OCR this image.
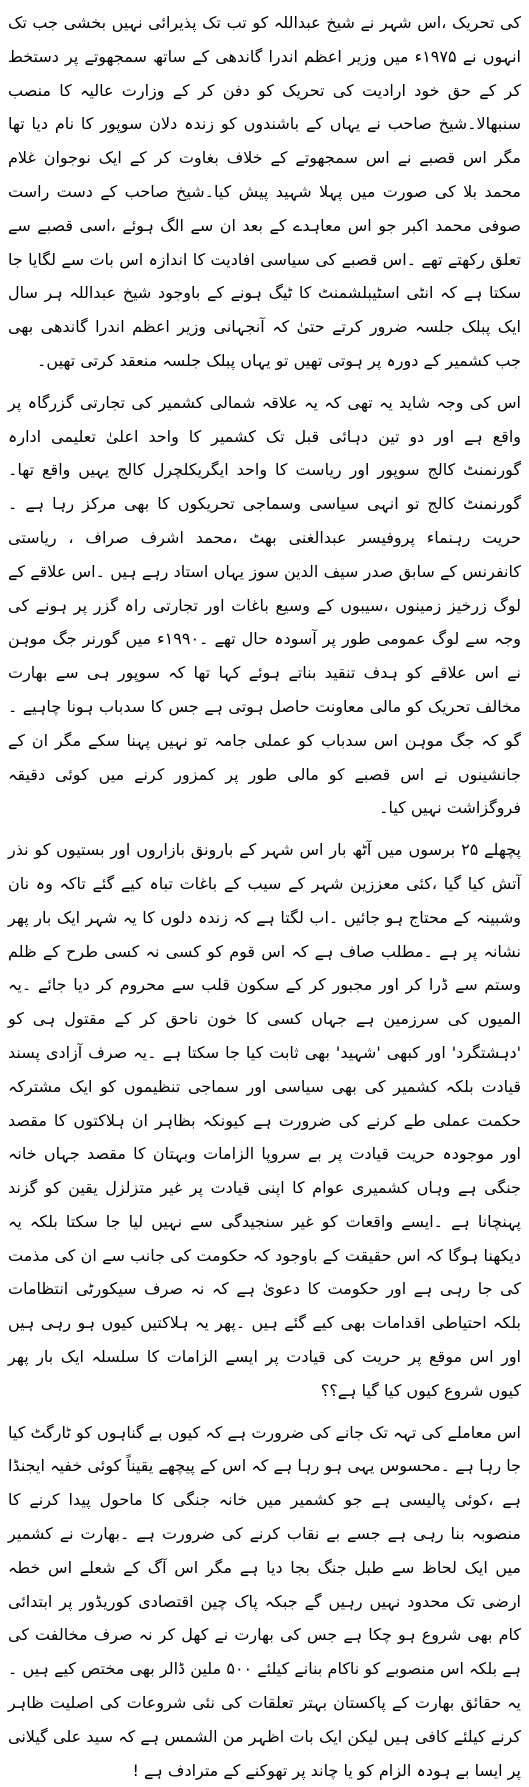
کی تحریک ،اس شہر نے شیخ عبداللہ کو تب تک پذیرائی نہیں بخشی جب تک انہوں نے ۱۹۷۵ء میں وزیر اعظم اندرا گاندھی کے ساتھ سمجھوتے پر دستخط کر کے حق خود ارادیت کی تحریک کو دفن کر کے وزارت عالیہ کا منصب سنبھالا۔شیخ صاحب نے یہاں کے باشندوں کو زندہ دلان سوپور کا نام دیا تھا مگر اس قصبے نے اس سمجھوتے کے خلاف بغاوت کر کے ایک نوجوان غلام محمد بلا کی صورت میں پہلا شہید پیش کیا۔شیخ صاحب کے دست راست صوفی محمد اکبر جو اس معاہدے کے بعد ان سے الگ ہوئے ،اسی قصبے سے تعلق رکھتے تھے ۔اس قصبے کی سیاسی افادیت کا اندازہ اس بات سے لگایا جا سکتا ہے کہ انٹی اسٹیبلشمنٹ کا ٹیگ ہونے کے باوجود شیخ عبداللہ ہر سال ایک پبلک جلسہ ضرور کرتے حتیٰ کہ آنجہانی وزیر اعظم اندرا گاندھی بھی جب کشمیر کے دورہ پر ہوتی تھیں تو یہاں پبلک جلسہ منعقد کرتی تھیں۔

اس کی وجہ شاید یہ تھی کہ یہ علاقہ شمالی کشمیر کی تجارتی گزرگاہ پر واقع ہے اور دو تین دہائی قبل تک کشمیر کا واحد اعلیٰ تعلیمی ادارہ گورنمنٹ کالج سوپور اور ریاست کا واحد ایگریکلچرل کالج یہیں واقع تھا۔گورنمنٹ کالج تو انہی سیاسی وسماجی تحریکوں کا بھی مرکز رہا ہے ۔حریت رہنماء پروفیسر عبدالغنی بھٹ ،محمد اشرف صراف ، ریاستی کانفرنس کے سابق صدر سیف الدین سوز یہاں استاد رہے ہیں ۔اس علاقے کے لوگ زرخیز زمینوں ،سیبوں کے وسیع باغات اور تجارتی راہ گزر پر ہونے کی وجہ سے لوگ عمومی طور پر آسودہ حال تھے ۔۱۹۹۰ء میں گورنر جگ موہن نے اس علاقے کو ہدف تنقید بناتے ہوئے کہا تھا کہ سوپور ہی سے بھارت مخالف تحریک کو مالی معاونت حاصل ہوتی ہے جس کا سدباب ہونا چاہیے ۔گو کہ جگ موہن اس سدباب کو عملی جامہ تو نہیں پہنا سکے مگر ان کے جانشینوں نے اس قصبے کو مالی طور پر کمزور کرنے میں کوئی دقیقہ فروگزاشت نہیں کیا۔

پچھلے ۲۵ برسوں میں آٹھ بار اس شہر کے بارونق بازاروں اور بستیوں کو نذر آتش کیا گیا ،کئی معززین شہر کے سیب کے باغات تباہ کیے گئے تاکہ وہ نان وشبینہ کے محتاج ہو جائیں ۔اب لگتا ہے کہ زندہ دلوں کا یہ شہر ایک بار پھر نشانہ پر ہے ۔مطلب صاف ہے کہ اس قوم کو کسی نہ کسی طرح کے ظلم وستم سے ڈرا کر اور مجبور کر کے سکون قلب سے محروم کر دیا جائے ۔یہ المیوں کی سرزمین ہے جہاں کسی کا خون ناحق کر کے مقتول ہی کو 'دہشتگرد' اور کبھی 'شہید' بھی ثابت کیا جا سکتا ہے ۔یہ صرف آزادی پسند قیادت بلکہ کشمیر کی بھی سیاسی اور سماجی تنظیموں کو ایک مشترکہ حکمت عملی طے کرنے کی ضرورت ہے کیونکہ بظاہر ان ہلاکتوں کا مقصد اور موجودہ حریت قیادت پر بے سروپا الزامات وبہتان کا مقصد جہاں خانہ جنگی ہے وہاں کشمیری عوام کا اپنی قیادت پر غیر متزلزل یقین کو گزند پہنچانا ہے ۔ایسے واقعات کو غیر سنجیدگی سے نہیں لیا جا سکتا بلکہ یہ دیکھنا ہوگا کہ اس حقیقت کے باوجود کہ حکومت کی جانب سے ان کی مذمت کی جا رہی ہے اور حکومت کا دعویٰ ہے کہ نہ صرف سیکورٹی انتظامات بلکہ احتیاطی اقدامات بھی کیے گئے ہیں ۔پھر یہ ہلاکتیں کیوں ہو رہی ہیں اور اس موقع پر حریت کی قیادت پر ایسے الزامات کا سلسلہ ایک بار پھر کیوں شروع کیوں کیا گیا ہے؟؟

اس معاملے کی تہہ تک جانے کی ضرورت ہے کہ کیوں بے گناہوں کو ٹارگٹ کیا جا رہا ہے ۔محسوس یہی ہو رہا ہے کہ اس کے پیچھے یقیناً کوئی خفیہ ایجنڈا ہے ،کوئی پالیسی ہے جو کشمیر میں خانہ جنگی کا ماحول پیدا کرنے کا منصوبہ بنا رہی ہے جسے بے نقاب کرنے کی ضرورت ہے ۔بھارت نے کشمیر میں ایک لحاظ سے طبل جنگ بجا دیا ہے مگر اس آگ کے شعلے اس خطہ ارضی تک محدود نہیں رہیں گے جبکہ پاک چین اقتصادی کوریڈور پر ابتدائی کام بھی شروع ہو چکا ہے جس کی بھارت نے کھل کر نہ صرف مخالفت کی ہے بلکہ اس منصوبے کو ناکام بنانے کیلئے ۵۰۰ ملین ڈالر بھی مختص کیے ہیں ۔یہ حقائق بھارت کے پاکستان بہتر تعلقات کی نئی شروعات کی اصلیت ظاہر کرنے کیلئے کافی ہیں لیکن ایک بات اظہر من الشمس ہے کہ سید علی گیلانی پر ایسا بے ہودہ الزام کو یا چاند پر تھوکنے کے مترادف ہے !
